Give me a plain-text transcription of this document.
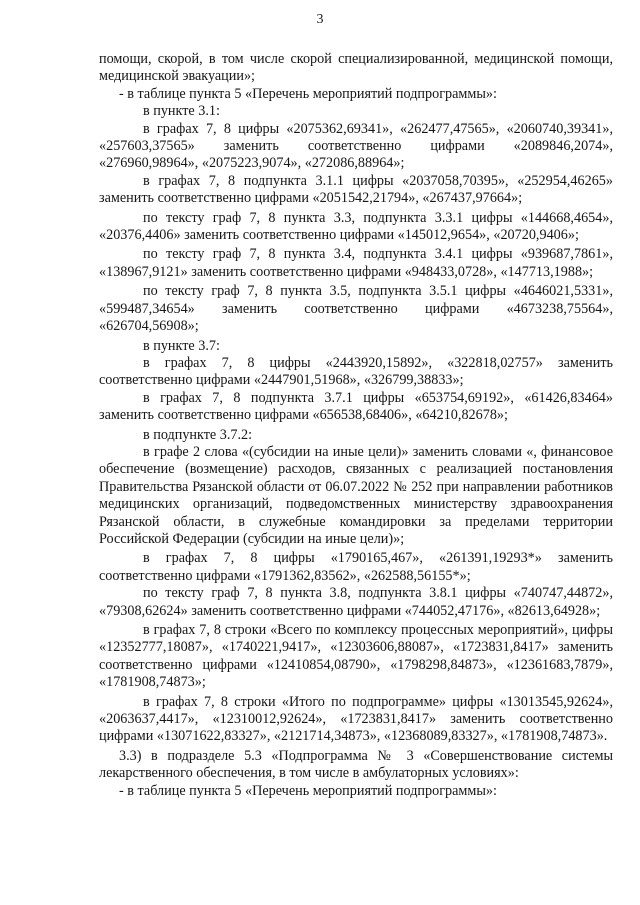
3

помощи, скорой, в том числе скорой специализированной, медицинской помощи, медицинской эвакуации»;

- в таблице пункта 5 «Перечень мероприятий подпрограммы»:

в пункте 3.1:

в графах 7, 8 цифры «2075362,69341», «262477,47565», «2060740,39341», «257603,37565» заменить соответственно цифрами «2089846,2074», «276960,98964», «2075223,9074», «272086,88964»;

в графах 7, 8 подпункта 3.1.1 цифры «2037058,70395», «252954,46265» заменить соответственно цифрами «2051542,21794», «267437,97664»;

по тексту граф 7, 8 пункта 3.3, подпункта 3.3.1 цифры «144668,4654», «20376,4406» заменить соответственно цифрами «145012,9654», «20720,9406»;

по тексту граф 7, 8 пункта 3.4, подпункта 3.4.1 цифры «939687,7861», «138967,9121» заменить соответственно цифрами «948433,0728», «147713,1988»;

по тексту граф 7, 8 пункта 3.5, подпункта 3.5.1 цифры «4646021,5331», «599487,34654» заменить соответственно цифрами «4673238,75564», «626704,56908»;

в пункте 3.7:

в графах 7, 8 цифры «2443920,15892», «322818,02757» заменить соответственно цифрами «2447901,51968», «326799,38833»;

в графах 7, 8 подпункта 3.7.1 цифры «653754,69192», «61426,83464» заменить соответственно цифрами «656538,68406», «64210,82678»;

в подпункте 3.7.2:

в графе 2 слова «(субсидии на иные цели)» заменить словами «, финансовое обеспечение (возмещение) расходов, связанных с реализацией постановления Правительства Рязанской области от 06.07.2022 № 252 при направлении работников медицинских организаций, подведомственных министерству здравоохранения Рязанской области, в служебные командировки за пределами территории Российской Федерации (субсидии на иные цели)»;

в графах 7, 8 цифры «1790165,467», «261391,19293*» заменить соответственно цифрами «1791362,83562», «262588,56155*»;

по тексту граф 7, 8 пункта 3.8, подпункта 3.8.1 цифры «740747,44872», «79308,62624» заменить соответственно цифрами «744052,47176», «82613,64928»;

в графах 7, 8 строки «Всего по комплексу процессных мероприятий», цифры «12352777,18087», «1740221,9417», «12303606,88087», «1723831,8417» заменить соответственно цифрами «12410854,08790», «1798298,84873», «12361683,7879», «1781908,74873»;

в графах 7, 8 строки «Итого по подпрограмме» цифры «13013545,92624», «2063637,4417», «12310012,92624», «1723831,8417» заменить соответственно цифрами «13071622,83327», «2121714,34873», «12368089,83327», «1781908,74873».

3.3) в подразделе 5.3 «Подпрограмма № 3 «Совершенствование системы лекарственного обеспечения, в том числе в амбулаторных условиях»:

- в таблице пункта 5 «Перечень мероприятий подпрограммы»:
